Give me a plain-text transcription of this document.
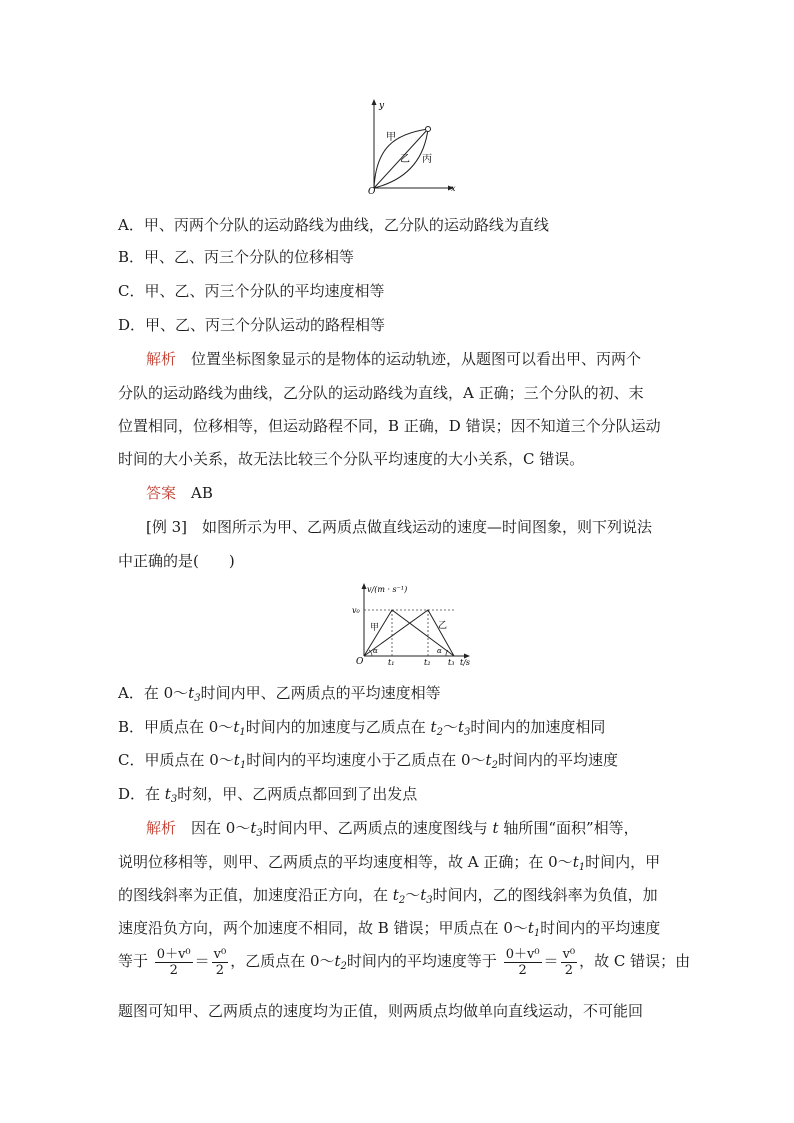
y
x
O
甲
乙 丙
A．甲、丙两个分队的运动路线为曲线，乙分队的运动路线为直线
B．甲、乙、丙三个分队的位移相等
C．甲、乙、丙三个分队的平均速度相等
D．甲、乙、丙三个分队运动的路程相等
解析　 位置坐标图象显示的是物体的运动轨迹，从题图可以看出甲、丙两个
分队的运动路线为曲线，乙分队的运动路线为直线，A 正确；三个分队的初、末
位置相同，位移相等，但运动路程不同，B 正确，D 错误；因不知道三个分队运动
时间的大小关系，故无法比较三个分队平均速度的大小关系，C 错误。
答案　 AB
[例 3]　如图所示为甲、乙两质点做直线运动的速度—时间图象，则下列说法
中正确的是(　　)
v/(m · s⁻¹)
v₀
O
甲	乙
α	α
t₁	t₂ t₃ t/s
A．在 $0\sim t_3$时间内甲、乙两质点的平均速度相等
B．甲质点在 $0\sim t_1$时间内的加速度与乙质点在 $t_2\sim t_3$时间内的加速度相同
C．甲质点在 $0\sim t_1$时间内的平均速度小于乙质点在 $0\sim t_2$时间内的平均速度
D．在 $t_3$时刻，甲、乙两质点都回到了出发点
解析　 因在 $0\sim t_3$时间内甲、乙两质点的速度图线与 t 轴所围“面积”相等，
说明位移相等，则甲、乙两质点的平均速度相等，故 A 正确；在 $0\sim t_1$时间内，甲
的图线斜率为正值，加速度沿正方向，在 $t_2\sim t_3$时间内，乙的图线斜率为负值，加
速度沿负方向，两个加速度不相同，故 B 错误；甲质点在 $0\sim t_1$时间内的平均速度
等于 $\frac{\text{0＋v⁰}}{2} = \frac{\text{v⁰}}{2}$ ，乙质点在 $0\sim t_2$时间内的平均速度等于 $\frac{\text{0＋v⁰}}{2} = \frac{\text{v⁰}}{2}$ ，故 C 错误；由
题图可知甲、乙两质点的速度均为正值，则两质点均做单向直线运动，不可能回
